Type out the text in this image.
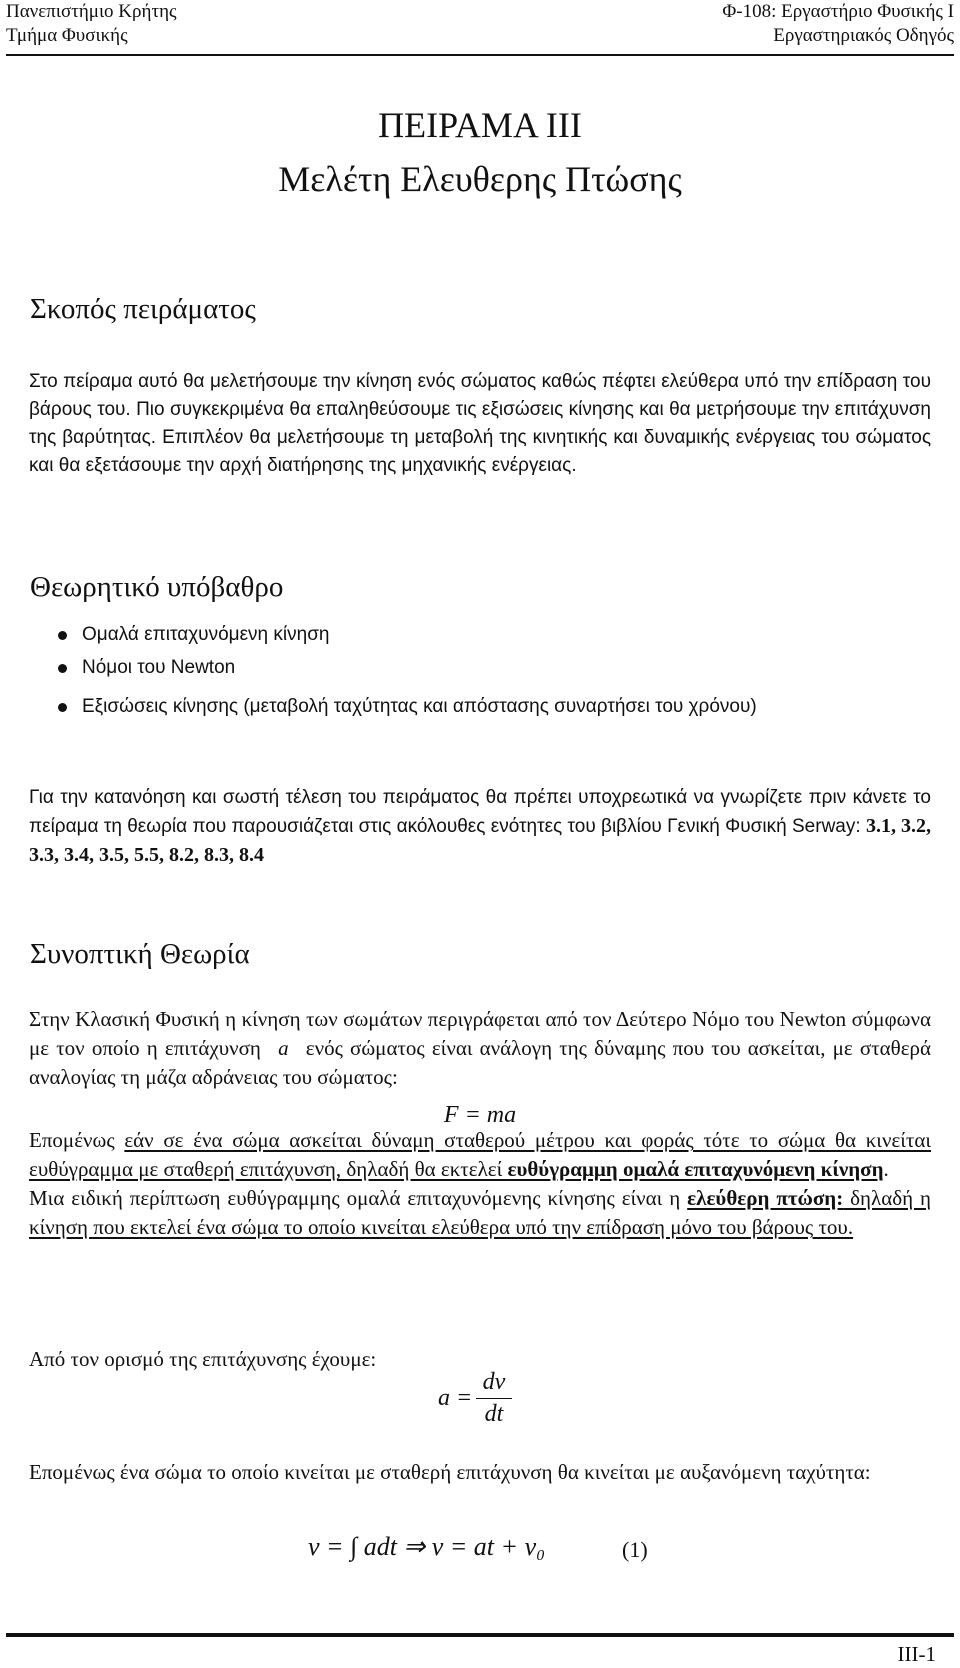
Πανεπιστήμιο Κρήτης
Τμήμα Φυσικής
Φ-108: Εργαστήριο Φυσικής Ι
Εργαστηριακός Οδηγός
ΠΕΙΡΑΜΑ ΙΙΙ
Μελέτη Ελευθερης Πτώσης
Σκοπός πειράματος

Στο πείραμα αυτό θα μελετήσουμε την κίνηση ενός σώματος καθώς πέφτει ελεύθερα υπό την επίδραση του βάρους του. Πιο συγκεκριμένα θα επαληθεύσουμε τις εξισώσεις κίνησης και θα μετρήσουμε την επιτάχυνση της βαρύτητας. Επιπλέον θα μελετήσουμε τη μεταβολή της κινητικής και δυναμικής ενέργειας του σώματος και θα εξετάσουμε την αρχή διατήρησης της μηχανικής ενέργειας.

Θεωρητικό υπόβαθρο
Ομαλά επιταχυνόμενη κίνηση
Νόμοι του Newton
Εξισώσεις κίνησης (μεταβολή ταχύτητας και απόστασης συναρτήσει του χρόνου)

Για την κατανόηση και σωστή τέλεση του πειράματος θα πρέπει υποχρεωτικά να γνωρίζετε πριν κάνετε το πείραμα τη θεωρία που παρουσιάζεται στις ακόλουθες ενότητες του βιβλίου Γενική Φυσική Serway: 3.1, 3.2, 3.3, 3.4, 3.5, 5.5, 8.2, 8.3, 8.4

Συνοπτική Θεωρία

Στην Κλασική Φυσική η κίνηση των σωμάτων περιγράφεται από τον Δεύτερο Νόμο του Newton σύμφωνα με τον οποίο η επιτάχυνση a ενός σώματος είναι ανάλογη της δύναμης που του ασκείται, με σταθερά αναλογίας τη μάζα αδράνειας του σώματος:

F = ma
Επομένως εάν σε ένα σώμα ασκείται δύναμη σταθερού μέτρου και φοράς τότε το σώμα θα κινείται ευθύγραμμα με σταθερή επιτάχυνση, δηλαδή θα εκτελεί ευθύγραμμη ομαλά επιταχυνόμενη κίνηση.
Μια ειδική περίπτωση ευθύγραμμης ομαλά επιταχυνόμενης κίνησης είναι η ελεύθερη πτώση: δηλαδή η κίνηση που εκτελεί ένα σώμα το οποίο κινείται ελεύθερα υπό την επίδραση μόνο του βάρους του.

Από τον ορισμό της επιτάχυνσης έχουμε:

$a = \frac{dv}{dt}$

Επομένως ένα σώμα το οποίο κινείται με σταθερή επιτάχυνση θα κινείται με αυξανόμενη ταχύτητα:

v = ∫ adt ⇒ v = at + v₀	(1)
III-1
